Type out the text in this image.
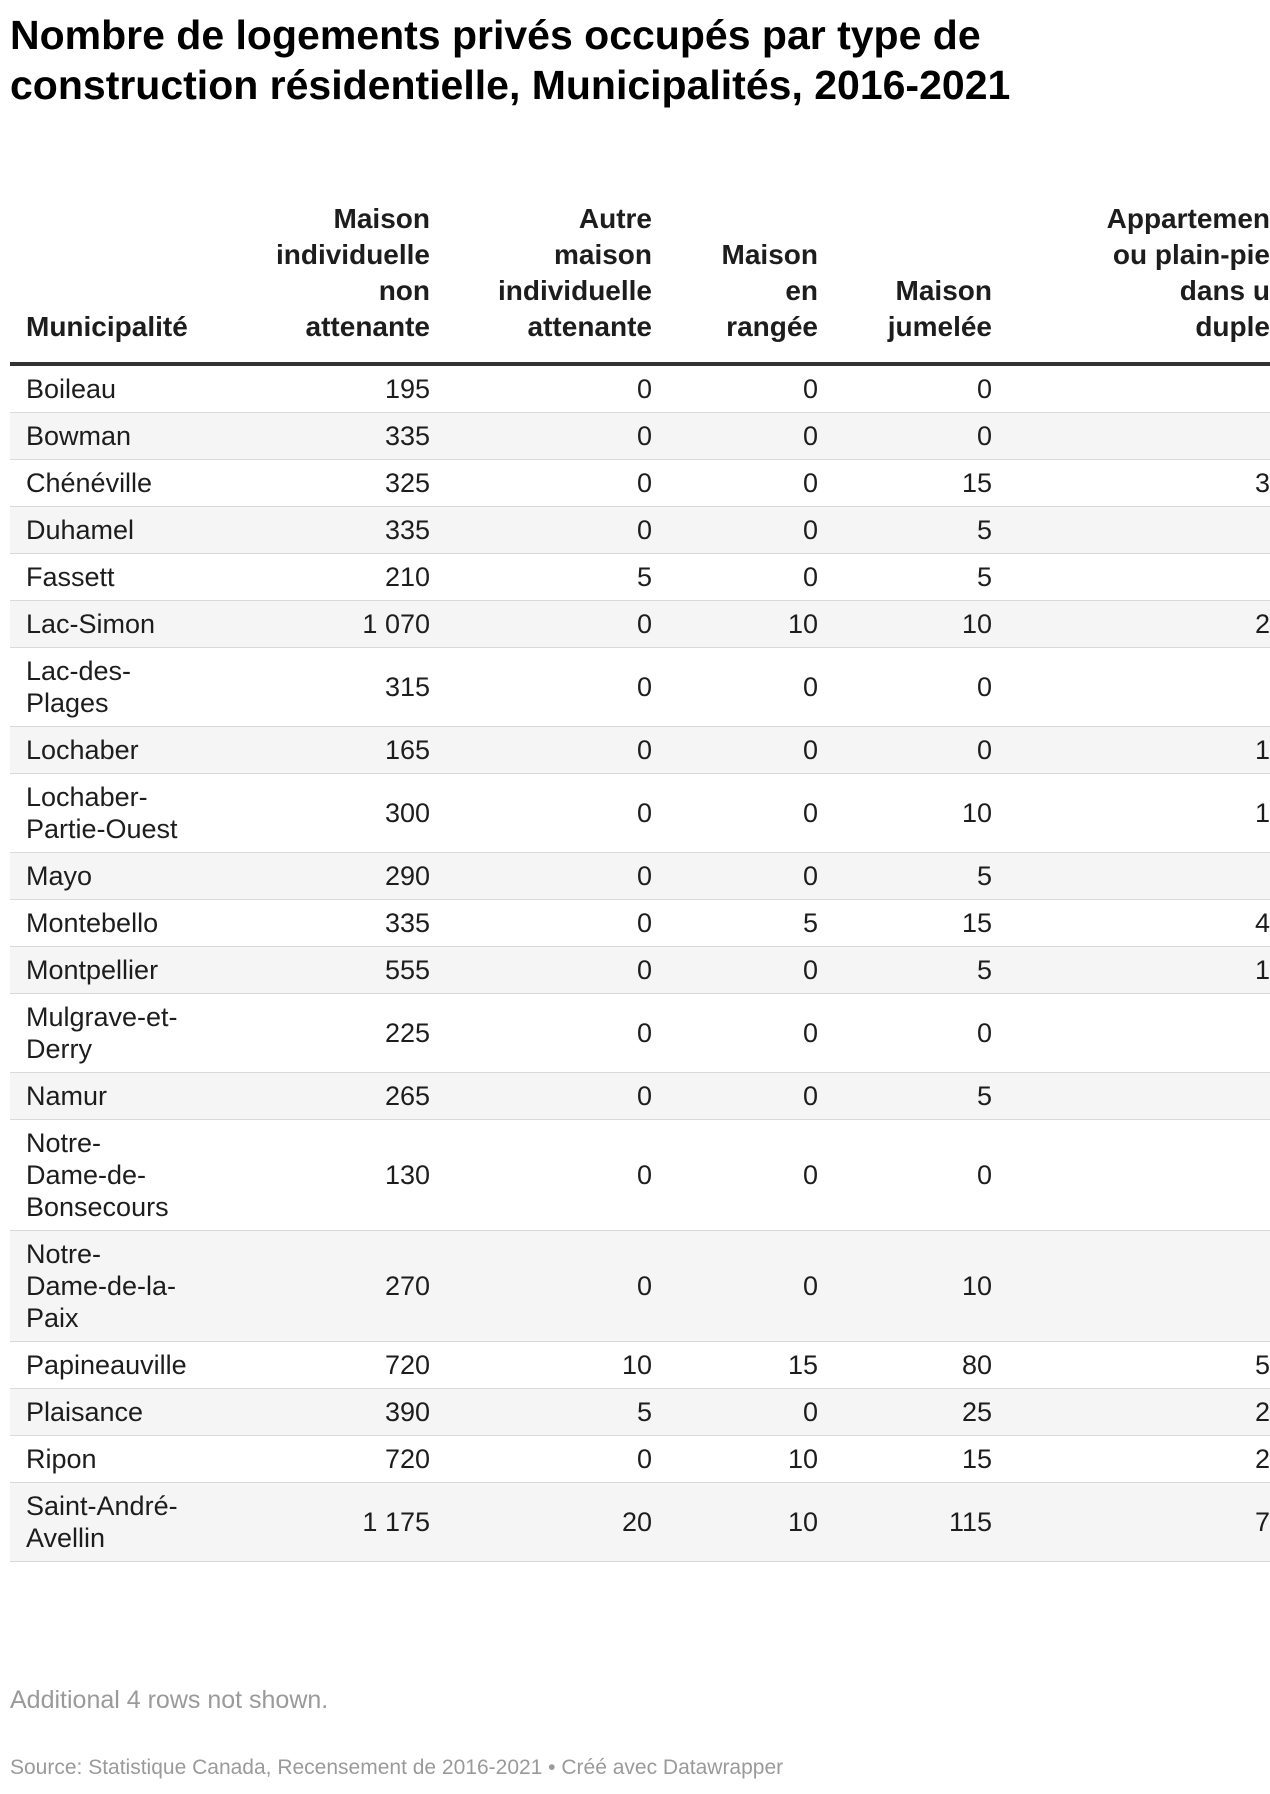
Nombre de logements privés occupés par type de construction résidentielle, Municipalités, 2016-2021
Municipalité	Maison
individuelle
non
attenante	Autre
maison
individuelle
attenante	Maison
en
rangée	Maison
jumelée	Appartemen
ou plain-pie
dans u
duple
Boileau	195	0	0	0	
Bowman	335	0	0	0	
Chénéville	325	0	0	15	3
Duhamel	335	0	0	5	
Fassett	210	5	0	5	
Lac-Simon	1 070	0	10	10	2
Lac-des-Plages	315	0	0	0	
Lochaber	165	0	0	0	1
Lochaber-Partie-Ouest	300	0	0	10	1
Mayo	290	0	0	5	
Montebello	335	0	5	15	4
Montpellier	555	0	0	5	1
Mulgrave-et-Derry	225	0	0	0	
Namur	265	0	0	5	
Notre-Dame-de-Bonsecours	130	0	0	0	
Notre-Dame-de-la-Paix	270	0	0	10	
Papineauville	720	10	15	80	5
Plaisance	390	5	0	25	2
Ripon	720	0	10	15	2
Saint-André-Avellin	1 175	20	10	115	7
Additional 4 rows not shown.
Source: Statistique Canada, Recensement de 2016-2021 • Créé avec Datawrapper
